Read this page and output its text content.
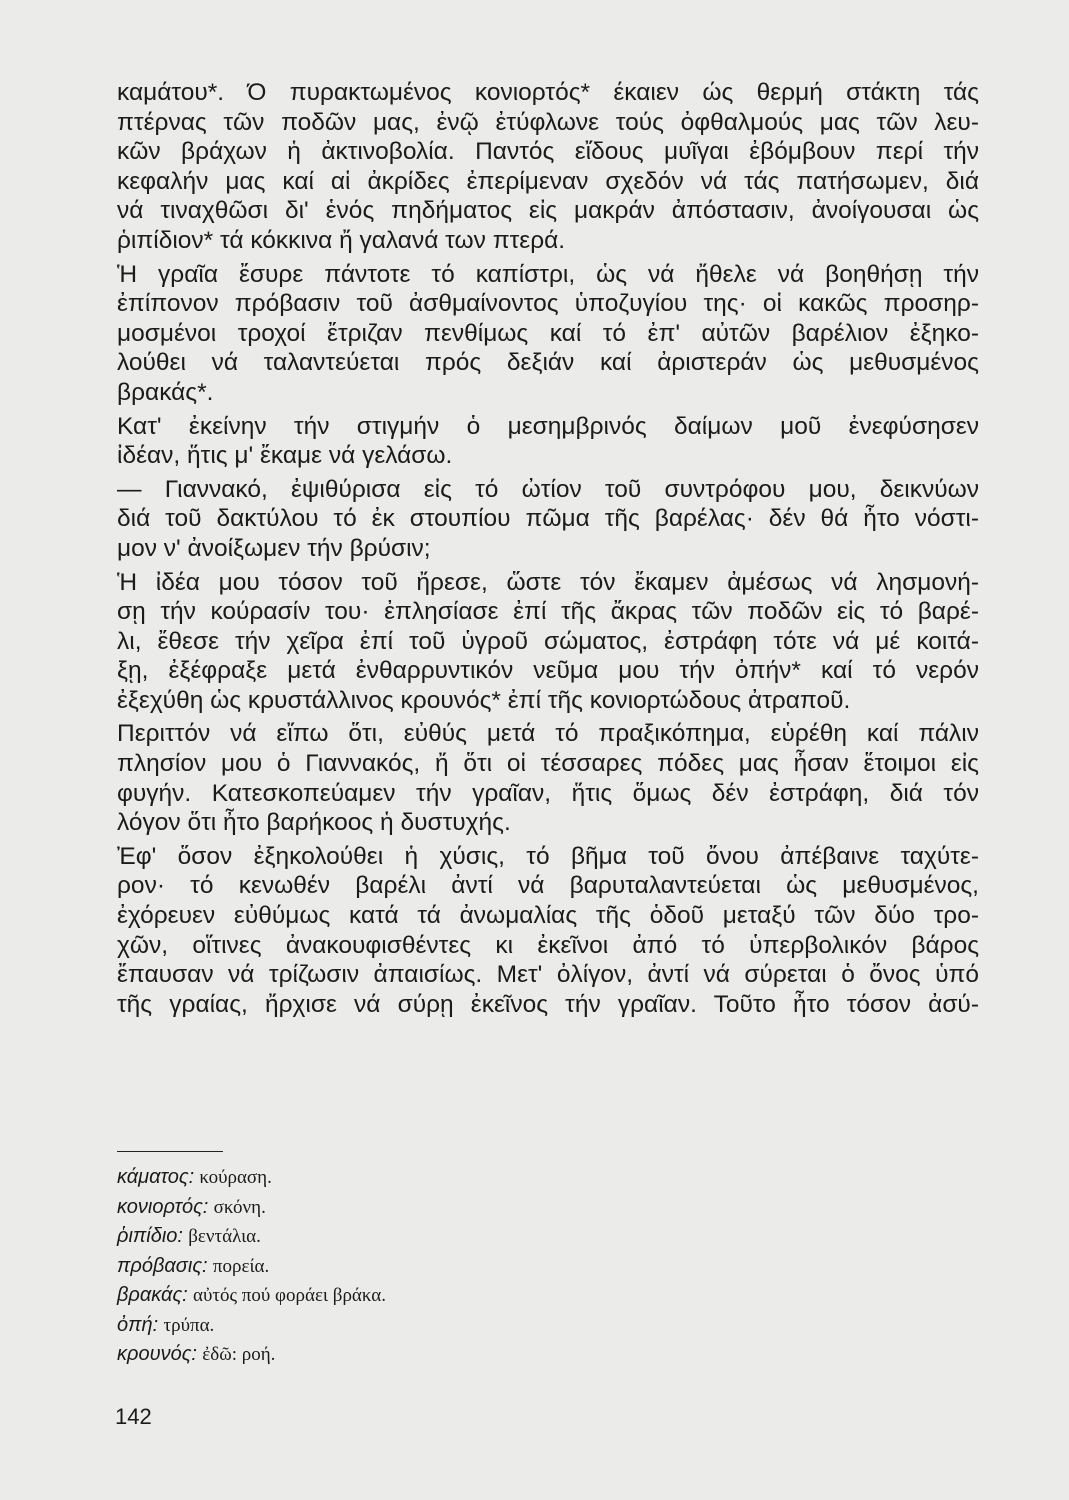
καμάτου*. Ό πυρακτωμένος κονιορτός* έκαιεν ώς θερμή στάκτη τάς
πτέρνας τῶν ποδῶν μας, ἐνῷ ἐτύφλωνε τούς ὀφθαλμούς μας τῶν λευ-
κῶν βράχων ἡ ἀκτινοβολία. Παντός εἴδους μυῖγαι ἐβόμβουν περί τήν
κεφαλήν μας καί αἱ ἀκρίδες ἐπερίμεναν σχεδόν νά τάς πατήσωμεν, διά
νά τιναχθῶσι δι' ἑνός πηδήματος εἰς μακράν ἀπόστασιν, ἀνοίγουσαι ὡς
ῥιπίδιον* τά κόκκινα ἤ γαλανά των πτερά.
Ἡ γραῖα ἔσυρε πάντοτε τό καπίστρι, ὡς νά ἤθελε νά βοηθήσῃ τήν
ἐπίπονον πρόβασιν τοῦ ἀσθμαίνοντος ὑποζυγίου της· οἱ κακῶς προσηρ-
μοσμένοι τροχοί ἔτριζαν πενθίμως καί τό ἐπ' αὐτῶν βαρέλιον ἐξηκο-
λούθει νά ταλαντεύεται πρός δεξιάν καί ἀριστεράν ὡς μεθυσμένος
βρακάς*.
Κατ' ἐκείνην τήν στιγμήν ὁ μεσημβρινός δαίμων μοῦ ἐνεφύσησεν
ἰδέαν, ἥτις μ' ἔκαμε νά γελάσω.
— Γιαννακό, ἐψιθύρισα εἰς τό ὠτίον τοῦ συντρόφου μου, δεικνύων
διά τοῦ δακτύλου τό ἐκ στουπίου πῶμα τῆς βαρέλας· δέν θά ἦτο νόστι-
μον ν' ἀνοίξωμεν τήν βρύσιν;
Ἡ ἰδέα μου τόσον τοῦ ἤρεσε, ὥστε τόν ἔκαμεν ἀμέσως νά λησμονή-
σῃ τήν κούρασίν του· ἐπλησίασε ἐπί τῆς ἄκρας τῶν ποδῶν εἰς τό βαρέ-
λι, ἔθεσε τήν χεῖρα ἐπί τοῦ ὑγροῦ σώματος, ἐστράφη τότε νά μέ κοιτά-
ξῃ, ἐξέφραξε μετά ἐνθαρρυντικόν νεῦμα μου τήν ὀπήν* καί τό νερόν
ἐξεχύθη ὡς κρυστάλλινος κρουνός* ἐπί τῆς κονιορτώδους ἀτραποῦ.
Περιττόν νά εἴπω ὅτι, εὐθύς μετά τό πραξικόπημα, εὑρέθη καί πάλιν
πλησίον μου ὁ Γιαννακός, ἤ ὅτι οἱ τέσσαρες πόδες μας ἦσαν ἕτοιμοι εἰς
φυγήν. Κατεσκοπεύαμεν τήν γραῖαν, ἥτις ὅμως δέν ἐστράφη, διά τόν
λόγον ὅτι ἦτο βαρήκοος ἡ δυστυχής.
Ἐφ' ὅσον ἐξηκολούθει ἡ χύσις, τό βῆμα τοῦ ὄνου ἀπέβαινε ταχύτε-
ρον· τό κενωθέν βαρέλι ἀντί νά βαρυταλαντεύεται ὡς μεθυσμένος,
ἐχόρευεν εὐθύμως κατά τά ἀνωμαλίας τῆς ὁδοῦ μεταξύ τῶν δύο τρο-
χῶν, οἵτινες ἀνακουφισθέντες κι ἐκεῖνοι ἀπό τό ὑπερβολικόν βάρος
ἔπαυσαν νά τρίζωσιν ἀπαισίως. Μετ' ὀλίγον, ἀντί νά σύρεται ὁ ὄνος ὑπό
τῆς γραίας, ἤρχισε νά σύρῃ ἐκεῖνος τήν γραῖαν. Τοῦτο ἦτο τόσον ἀσύ-
κάματος: κούραση.
κονιορτός: σκόνη.
ῥιπίδιο: βεντάλια.
πρόβασις: πορεία.
βρακάς: αὐτός πού φοράει βράκα.
ὀπή: τρύπα.
κρουνός: ἐδῶ: ροή.
142
